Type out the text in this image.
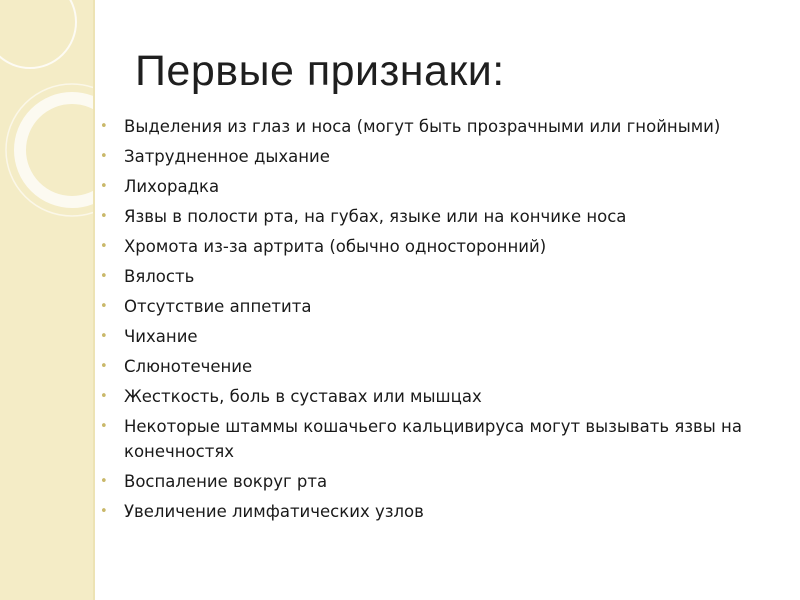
Первые признаки:
• Выделения из глаз и носа (могут быть прозрачными или гнойными)
• Затрудненное дыхание
• Лихорадка
• Язвы в полости рта, на губах, языке или на кончике носа
• Хромота из-за артрита (обычно односторонний)
• Вялость
• Отсутствие аппетита
• Чихание
• Слюнотечение
• Жесткость, боль в суставах или мышцах
• Некоторые штаммы кошачьего кальцивируса могут вызывать язвы на конечностях
• Воспаление вокруг рта
• Увеличение лимфатических узлов
